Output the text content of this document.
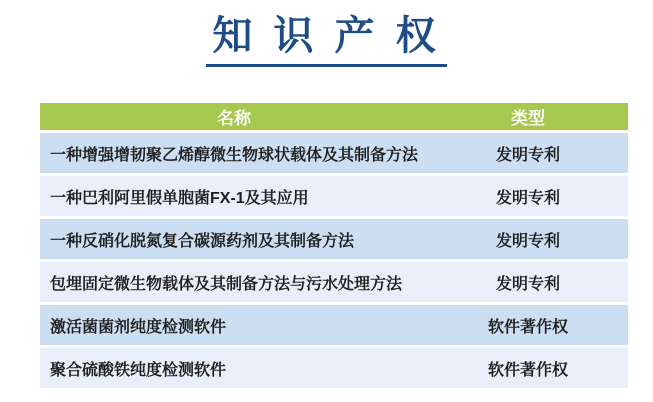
知 识 产 权
名称	类型
一种增强增韧聚乙烯醇微生物球状载体及其制备方法	发明专利
一种巴利阿里假单胞菌FX-1及其应用	发明专利
一种反硝化脱氮复合碳源药剂及其制备方法	发明专利
包埋固定微生物载体及其制备方法与污水处理方法	发明专利
激活菌菌剂纯度检测软件	软件著作权
聚合硫酸铁纯度检测软件	软件著作权
